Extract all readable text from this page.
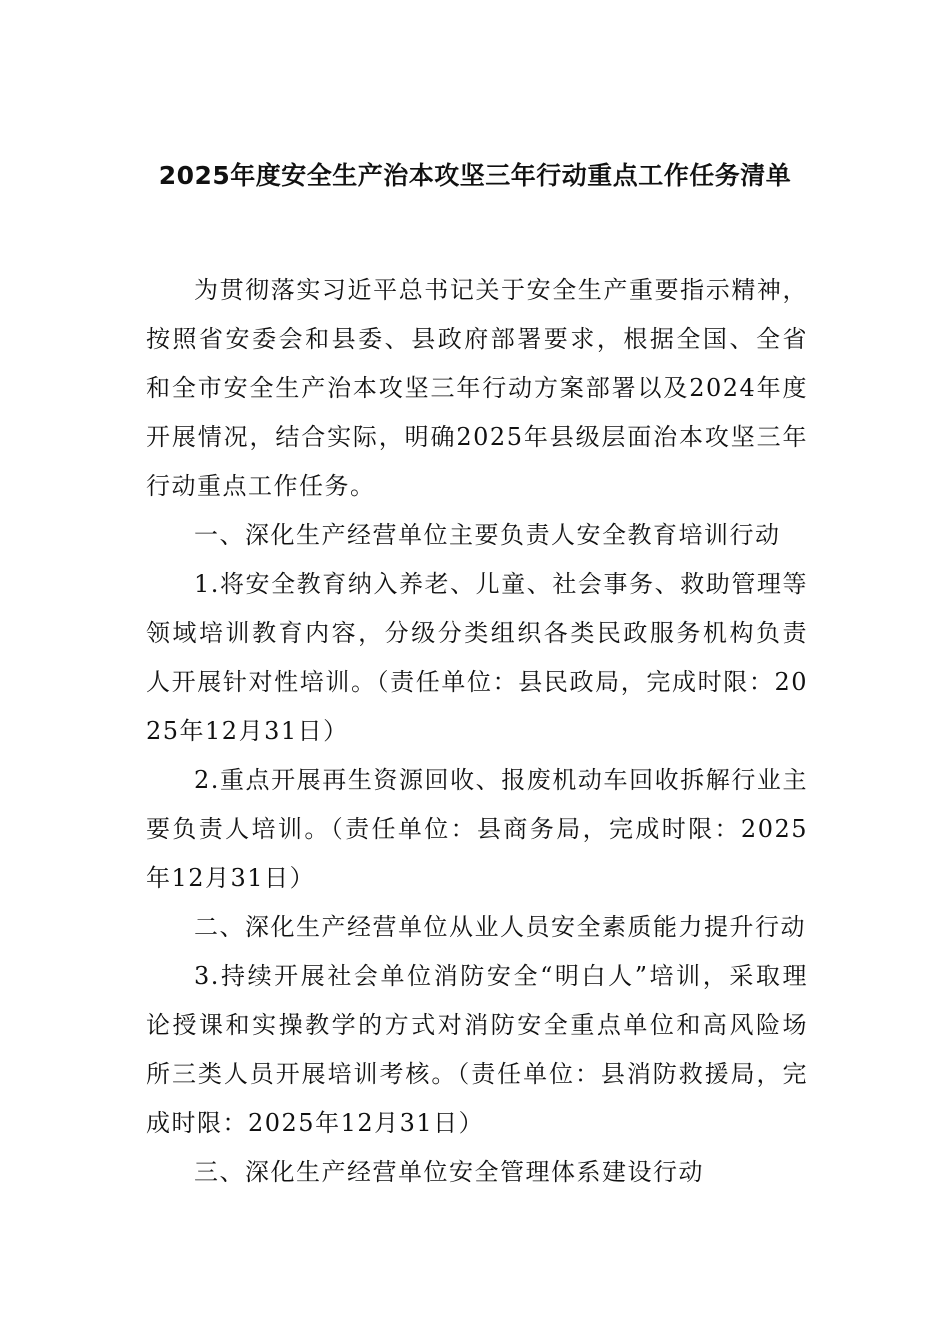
2025年度安全生产治本攻坚三年行动重点工作任务清单

为贯彻落实习近平总书记关于安全生产重要指示精神，按照省安委会和县委、县政府部署要求，根据全国、全省和全市安全生产治本攻坚三年行动方案部署以及2024年度开展情况，结合实际，明确2025年县级层面治本攻坚三年行动重点工作任务。

一、深化生产经营单位主要负责人安全教育培训行动

1.将安全教育纳入养老、儿童、社会事务、救助管理等领域培训教育内容，分级分类组织各类民政服务机构负责人开展针对性培训。（责任单位：县民政局，完成时限：2025年12月31日）

2.重点开展再生资源回收、报废机动车回收拆解行业主要负责人培训。（责任单位：县商务局，完成时限：2025年12月31日）

二、深化生产经营单位从业人员安全素质能力提升行动

3.持续开展社会单位消防安全“明白人”培训，采取理论授课和实操教学的方式对消防安全重点单位和高风险场所三类人员开展培训考核。（责任单位：县消防救援局，完成时限：2025年12月31日）

三、深化生产经营单位安全管理体系建设行动
